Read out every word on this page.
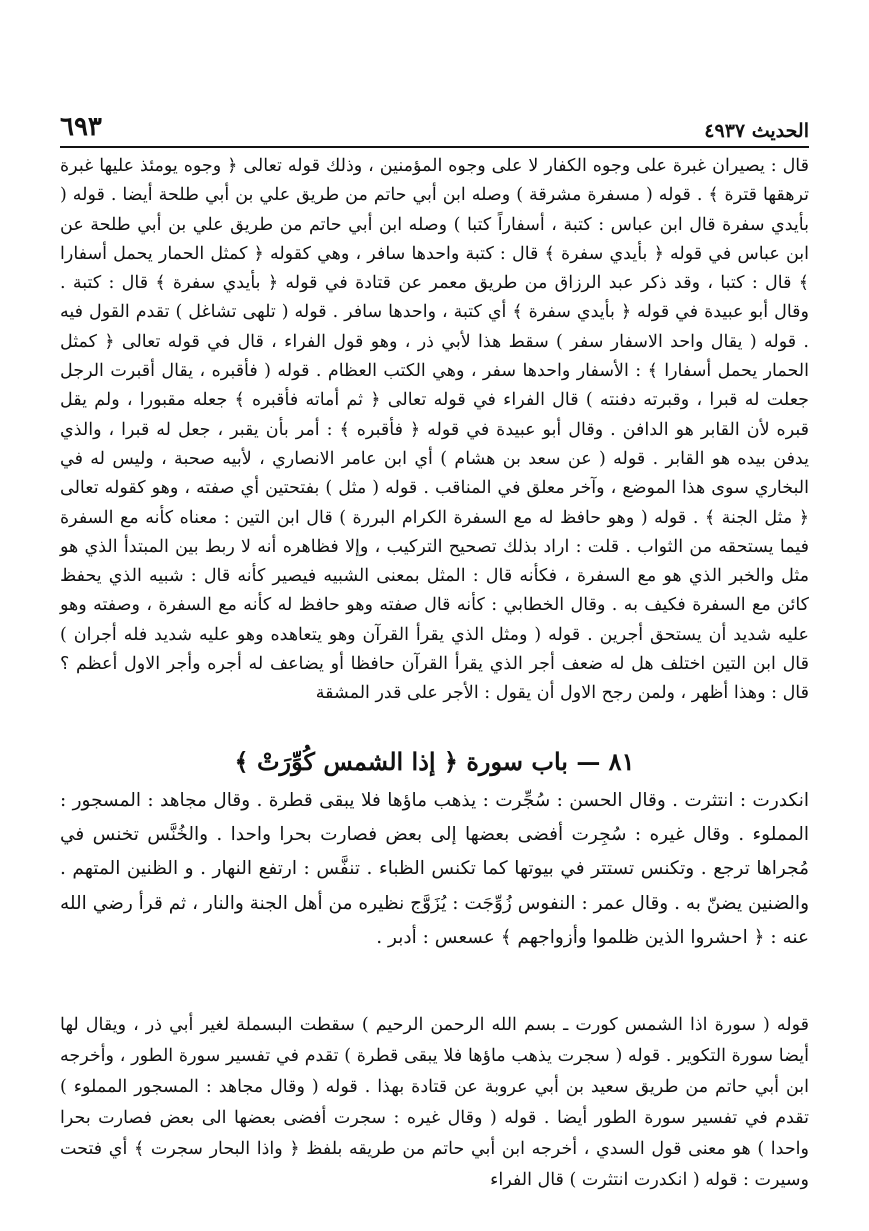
٦٩٣	الحديث ٤٩٣٧

قال : يصيران غبرة على وجوه الكفار لا على وجوه المؤمنين ، وذلك قوله تعالى ﴿ وجوه يومئذ عليها غبرة ترهقها قترة ﴾ . قوله ( مسفرة مشرقة ) وصله ابن أبي حاتم من طريق علي بن أبي طلحة أيضا . قوله ( بأيدي سفرة قال ابن عباس : كتبة ، أسفاراً كتبا ) وصله ابن أبي حاتم من طريق علي بن أبي طلحة عن ابن عباس في قوله ﴿ بأيدي سفرة ﴾ قال : كتبة واحدها سافر ، وهي كقوله ﴿ كمثل الحمار يحمل أسفارا ﴾ قال : كتبا ، وقد ذكر عبد الرزاق من طريق معمر عن قتادة في قوله ﴿ بأيدي سفرة ﴾ قال : كتبة . وقال أبو عبيدة في قوله ﴿ بأيدي سفرة ﴾ أي كتبة ، واحدها سافر . قوله ( تلهى تشاغل ) تقدم القول فيه . قوله ( يقال واحد الاسفار سفر ) سقط هذا لأبي ذر ، وهو قول الفراء ، قال في قوله تعالى ﴿ كمثل الحمار يحمل أسفارا ﴾ : الأسفار واحدها سفر ، وهي الكتب العظام . قوله ( فأقبره ، يقال أقبرت الرجل جعلت له قبرا ، وقبرته دفنته ) قال الفراء في قوله تعالى ﴿ ثم أماته فأقبره ﴾ جعله مقبورا ، ولم يقل قبره لأن القابر هو الدافن . وقال أبو عبيدة في قوله ﴿ فأقبره ﴾ : أمر بأن يقبر ، جعل له قبرا ، والذي يدفن بيده هو القابر . قوله ( عن سعد بن هشام ) أي ابن عامر الانصاري ، لأبيه صحبة ، وليس له في البخاري سوى هذا الموضع ، وآخر معلق في المناقب . قوله ( مثل ) بفتحتين أي صفته ، وهو كقوله تعالى ﴿ مثل الجنة ﴾ . قوله ( وهو حافظ له مع السفرة الكرام البررة ) قال ابن التين : معناه كأنه مع السفرة فيما يستحقه من الثواب . قلت : اراد بذلك تصحيح التركيب ، وإلا فظاهره أنه لا ربط بين المبتدأ الذي هو مثل والخبر الذي هو مع السفرة ، فكأنه قال : المثل بمعنى الشبيه فيصير كأنه قال : شبيه الذي يحفظ كائن مع السفرة فكيف به . وقال الخطابي : كأنه قال صفته وهو حافظ له كأنه مع السفرة ، وصفته وهو عليه شديد أن يستحق أجرين . قوله ( ومثل الذي يقرأ القرآن وهو يتعاهده وهو عليه شديد فله أجران ) قال ابن التين اختلف هل له ضعف أجر الذي يقرأ القرآن حافظا أو يضاعف له أجره وأجر الاول أعظم ؟ قال : وهذا أظهر ، ولمن رجح الاول أن يقول : الأجر على قدر المشقة

٨١ — باب سورة ﴿ إذا الشمس كُوِّرَتْ ﴾

انكدرت : انتثرت . وقال الحسن : سُجِّرت : يذهب ماؤها فلا يبقى قطرة . وقال مجاهد : المسجور : المملوء . وقال غيره : سُجِرت أفضى بعضها إلى بعض فصارت بحرا واحدا . والخُنَّس تخنس في مُجراها ترجع . وتكنس تستتر في بيوتها كما تكنس الظباء . تنفَّس : ارتفع النهار . و الظنين المتهم . والضنين يضنّ به . وقال عمر : النفوس زُوِّجَت : يُزَوَّج نظيره من أهل الجنة والنار ، ثم قرأ رضي الله عنه : ﴿ احشروا الذين ظلموا وأزواجهم ﴾ عسعس : أدبر .

قوله ( سورة اذا الشمس كورت ـ بسم الله الرحمن الرحيم ) سقطت البسملة لغير أبي ذر ، ويقال لها أيضا سورة التكوير . قوله ( سجرت يذهب ماؤها فلا يبقى قطرة ) تقدم في تفسير سورة الطور ، وأخرجه ابن أبي حاتم من طريق سعيد بن أبي عروبة عن قتادة بهذا . قوله ( وقال مجاهد : المسجور المملوء ) تقدم في تفسير سورة الطور أيضا . قوله ( وقال غيره : سجرت أفضى بعضها الى بعض فصارت بحرا واحدا ) هو معنى قول السدي ، أخرجه ابن أبي حاتم من طريقه بلفظ ﴿ واذا البحار سجرت ﴾ أي فتحت وسيرت : قوله ( انكدرت انتثرت ) قال الفراء
